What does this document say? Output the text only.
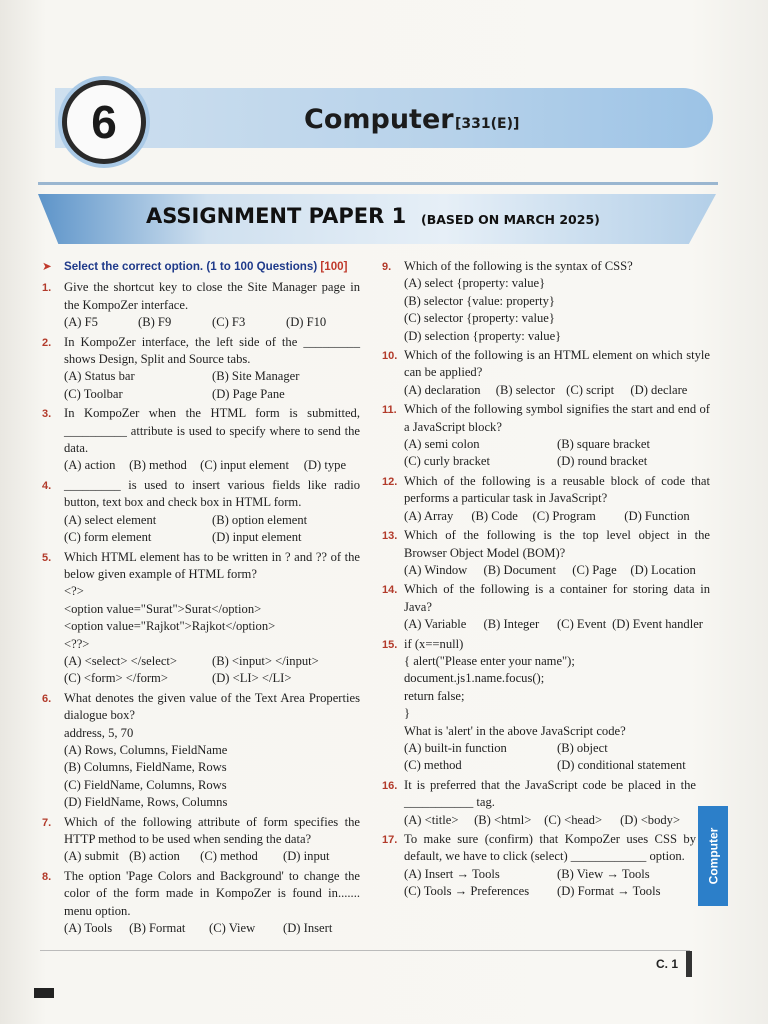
6	Computer [331(E)]
ASSIGNMENT PAPER 1 (BASED ON MARCH 2025)
➤ Select the correct option. (1 to 100 Questions) [100]
1. Give the shortcut key to close the Site Manager page in the KompoZer interface.
(A) F5	(B) F9	(C) F3	(D) F10
2. In KompoZer interface, the left side of the _________ shows Design, Split and Source tabs.
(A) Status bar	(B) Site Manager
(C) Toolbar	(D) Page Pane
3. In KompoZer when the HTML form is submitted, __________ attribute is used to specify where to send the data.
(A) action	(B) method	(C) input element	(D) type
4. _________ is used to insert various fields like radio button, text box and check box in HTML form.
(A) select element	(B) option element
(C) form element	(D) input element
5. Which HTML element has to be written in ? and ?? of the below given example of HTML form?
<?>
<option value="Surat">Surat</option>
<option value="Rajkot">Rajkot</option>
<??>
(A) <select> </select>	(B) <input> </input>
(C) <form> </form>	(D) <LI> </LI>
6. What denotes the given value of the Text Area Properties dialogue box?
address, 5, 70
(A) Rows, Columns, FieldName
(B) Columns, FieldName, Rows
(C) FieldName, Columns, Rows
(D) FieldName, Rows, Columns
7. Which of the following attribute of form specifies the HTTP method to be used when sending the data?
(A) submit (B) action	(C) method	(D) input
8. The option 'Page Colors and Background' to change the color of the form made in KompoZer is found in....... menu option.
(A) Tools	(B) Format	(C) View	(D) Insert
9. Which of the following is the syntax of CSS?
(A) select {property: value}
(B) selector {value: property}
(C) selector {property: value}
(D) selection {property: value}
10. Which of the following is an HTML element on which style can be applied?
(A) declaration	(B) selector (C) script	(D) declare
11. Which of the following symbol signifies the start and end of a JavaScript block?
(A) semi colon	(B) square bracket
(C) curly bracket	(D) round bracket
12. Which of the following is a reusable block of code that performs a particular task in JavaScript?
(A) Array	(B) Code	(C) Program	(D) Function
13. Which of the following is the top level object in the Browser Object Model (BOM)?
(A) Window	(B) Document	(C) Page	(D) Location
14. Which of the following is a container for storing data in Java?
(A) Variable	(B) Integer	(C) Event (D) Event handler
15. if (x==null)
{ alert("Please enter your name");
document.js1.name.focus();
return false;
}
What is 'alert' in the above JavaScript code?
(A) built-in function	(B) object
(C) method	(D) conditional statement
16. It is preferred that the JavaScript code be placed in the ___________ tag.
(A) <title>	(B) <html>	(C) <head>	(D) <body>
17. To make sure (confirm) that KompoZer uses CSS by default, we have to click (select) ____________ option.
(A) Insert → Tools	(B) View → Tools
(C) Tools → Preferences	(D) Format → Tools
Computer
C. 1
